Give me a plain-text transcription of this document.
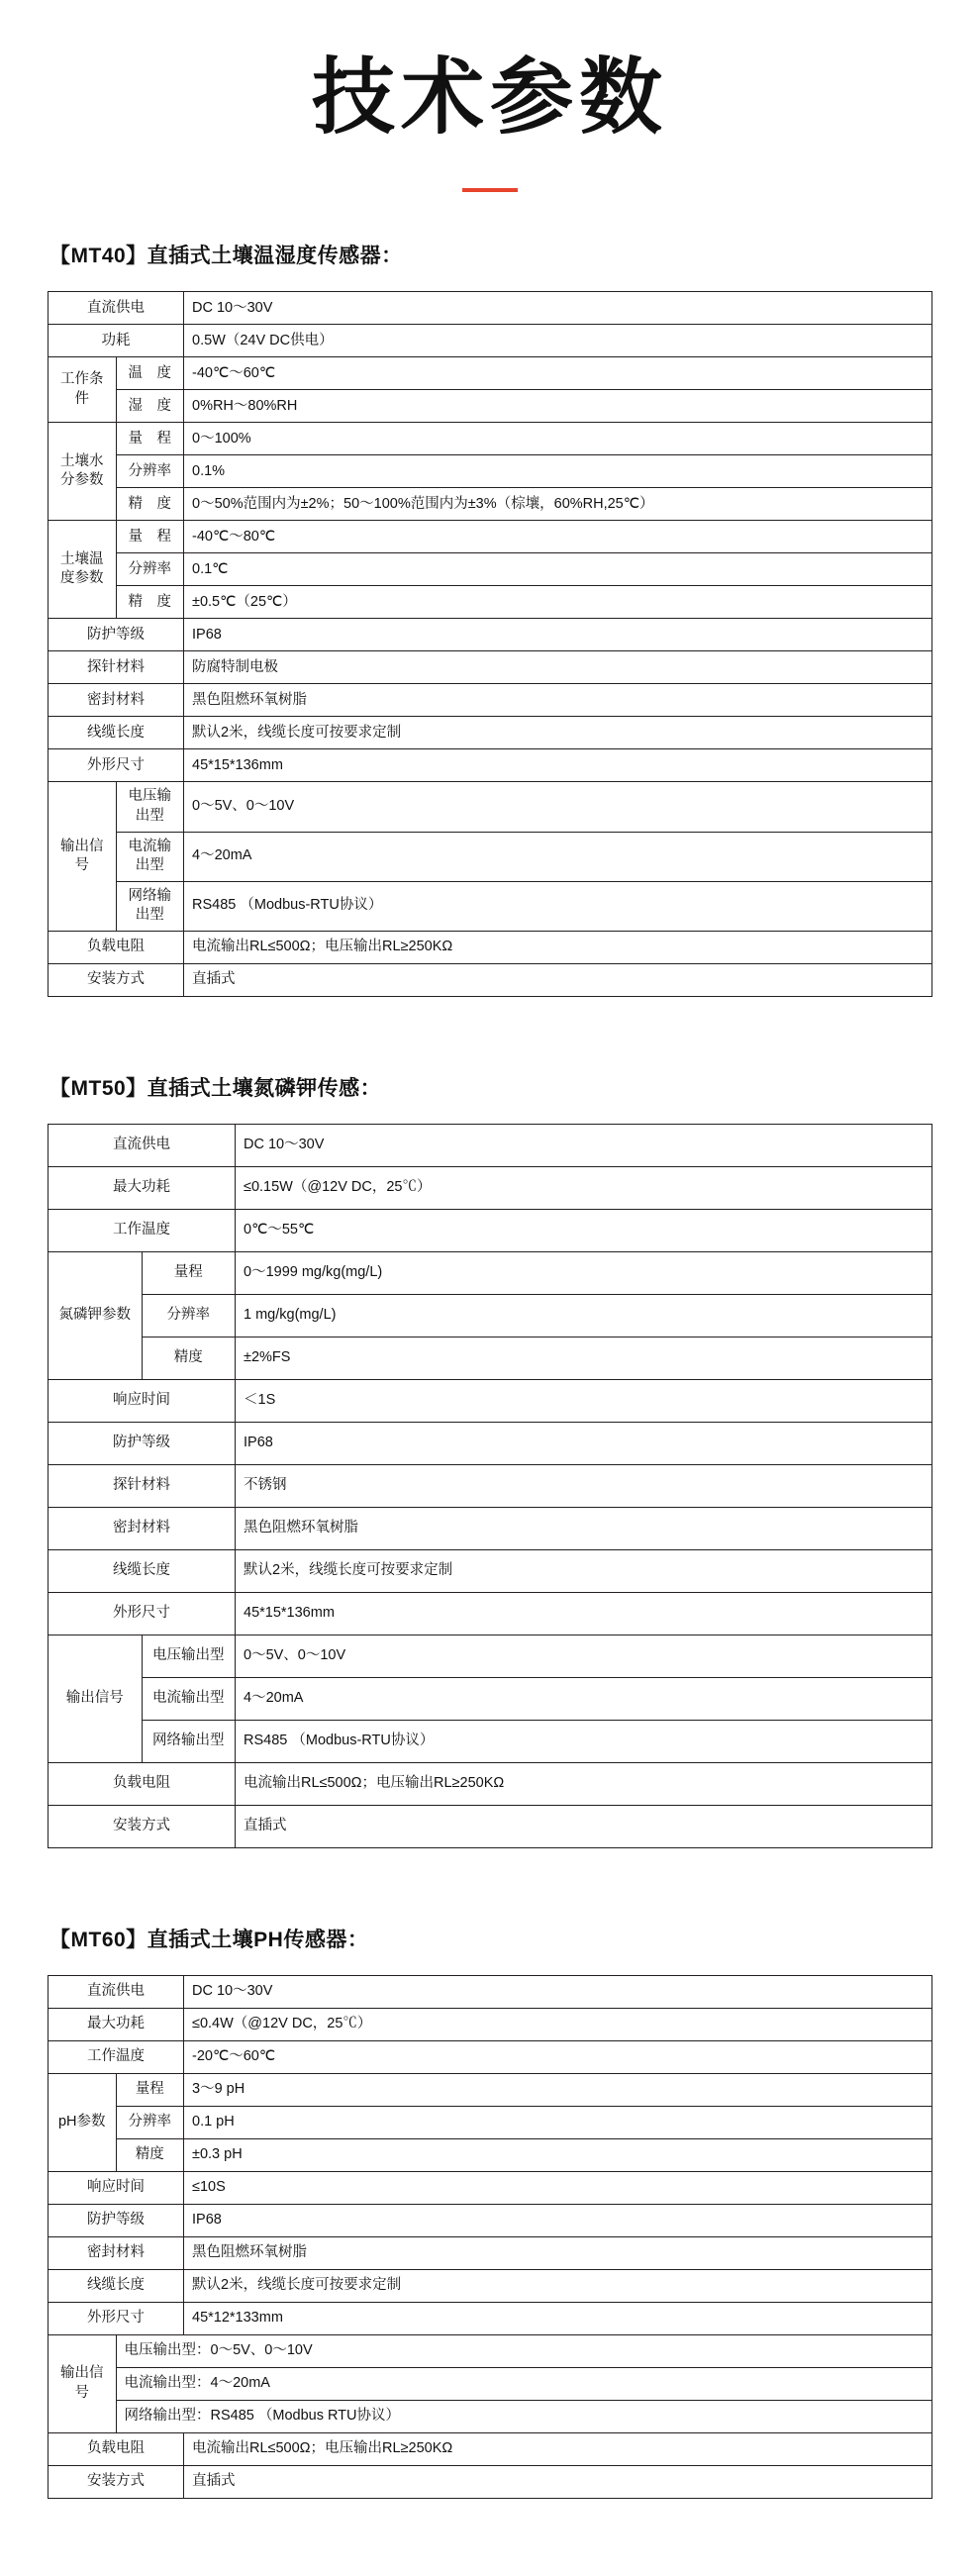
技术参数
【MT40】直插式土壤温湿度传感器：
直流供电		DC 10～30V
功耗		0.5W（24V DC供电）
工作条件	温　度	-40℃～60℃
	湿　度	0%RH～80%RH
土壤水分参数	量　程	0～100%
	分辨率	0.1%
	精　度	0～50%范围内为±2%；50～100%范围内为±3%（棕壤，60%RH,25℃）
土壤温度参数	量　程	-40℃～80℃
	分辨率	0.1℃
	精　度	±0.5℃（25℃）
防护等级		IP68
探针材料		防腐特制电极
密封材料		黑色阻燃环氧树脂
线缆长度		默认2米，线缆长度可按要求定制
外形尺寸		45*15*136mm
输出信号	电压输出型	0～5V、0～10V
	电流输出型	4～20mA
	网络输出型	RS485 （Modbus-RTU协议）
负载电阻		电流输出RL≤500Ω；电压输出RL≥250KΩ
安装方式		直插式
【MT50】直插式土壤氮磷钾传感：
直流供电		DC 10～30V
最大功耗		≤0.15W（@12V DC，25℃）
工作温度		0℃～55℃
氮磷钾参数	量程	0～1999 mg/kg(mg/L)
	分辨率	1 mg/kg(mg/L)
	精度	±2%FS
响应时间		＜1S
防护等级		IP68
探针材料		不锈钢
密封材料		黑色阻燃环氧树脂
线缆长度		默认2米，线缆长度可按要求定制
外形尺寸		45*15*136mm
输出信号	电压输出型	0～5V、0～10V
	电流输出型	4～20mA
	网络输出型	RS485 （Modbus-RTU协议）
负载电阻		电流输出RL≤500Ω；电压输出RL≥250KΩ
安装方式		直插式
【MT60】直插式土壤PH传感器：
直流供电		DC 10～30V
最大功耗		≤0.4W（@12V DC，25℃）
工作温度		-20℃～60℃
pH参数	量程	3～9 pH
	分辨率	0.1 pH
	精度	±0.3 pH
响应时间		≤10S
防护等级		IP68
密封材料		黑色阻燃环氧树脂
线缆长度		默认2米，线缆长度可按要求定制
外形尺寸		45*12*133mm
输出信号	电压输出型：0～5V、0～10V	
	电流输出型：4～20mA	
	网络输出型：RS485 （Modbus RTU协议）	
负载电阻		电流输出RL≤500Ω；电压输出RL≥250KΩ
安装方式		直插式
